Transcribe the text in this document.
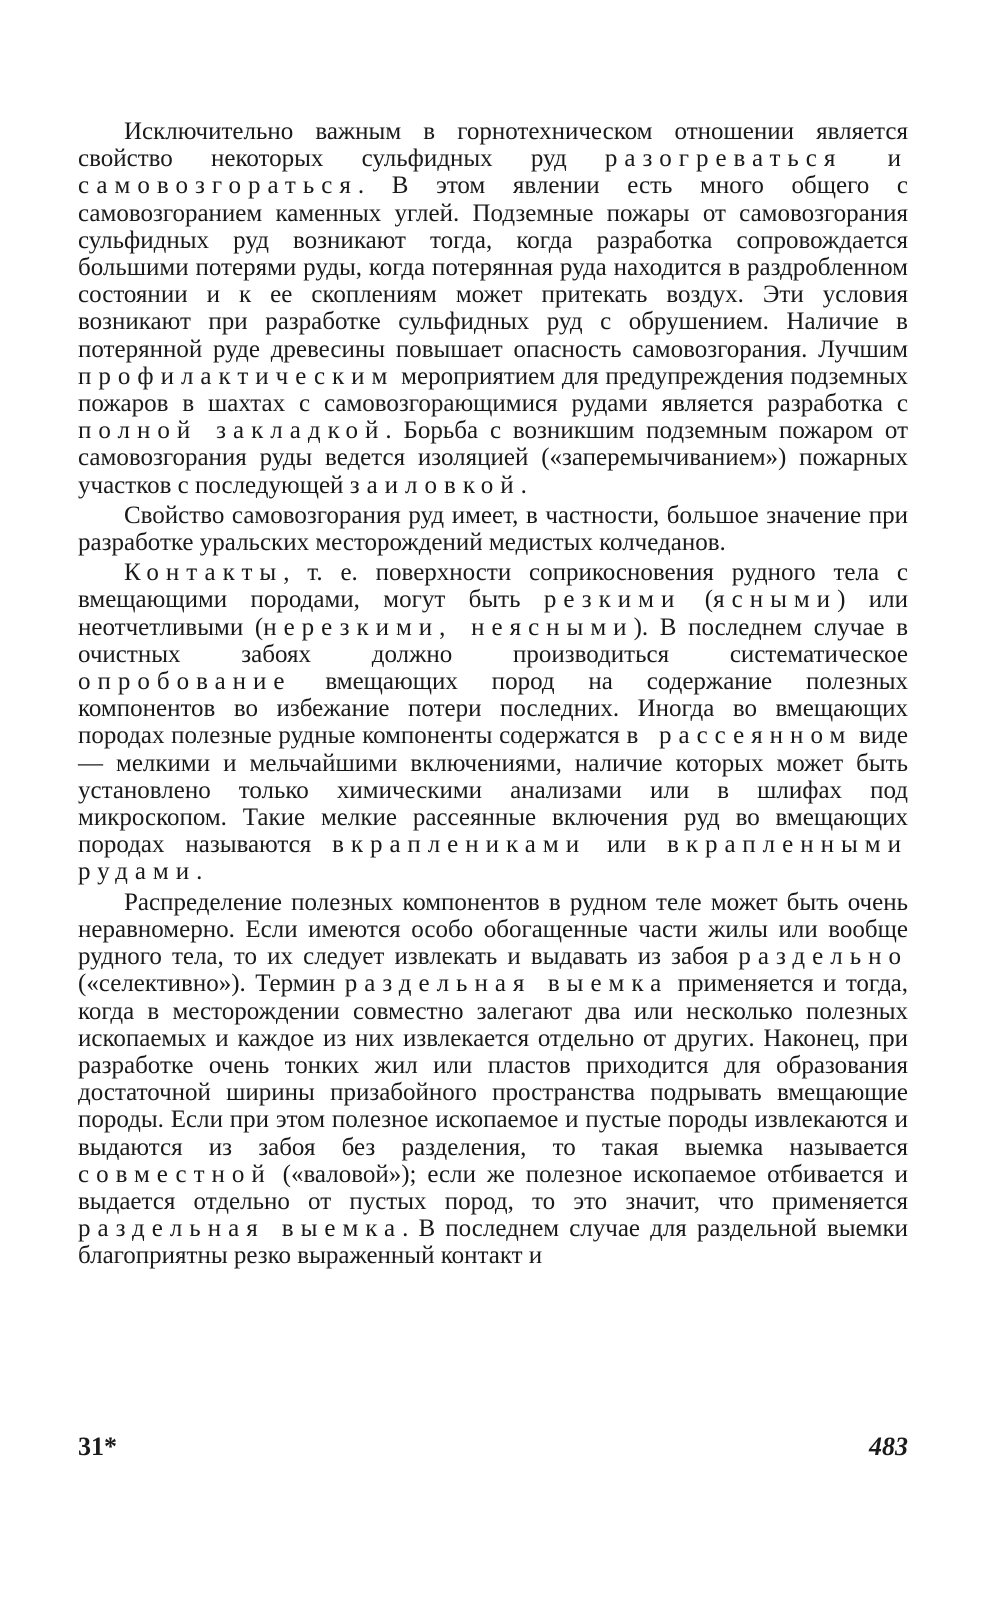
Исключительно важным в горнотехническом отношении является свойство некоторых сульфидных руд разогреваться и самовозгораться. В этом явлении есть много общего с самовозгоранием каменных углей. Подземные пожары от самовозгорания сульфидных руд возникают тогда, когда разработка сопровождается большими потерями руды, когда потерянная руда находится в раздробленном состоянии и к ее скоплениям может притекать воздух. Эти условия возникают при разработке сульфидных руд с обрушением. Наличие в потерянной руде древесины повышает опасность самовозгорания. Лучшим профилактическим мероприятием для предупреждения подземных пожаров в шахтах с самовозгорающимися рудами является разработка с полной закладкой. Борьба с возникшим подземным пожаром от самовозгорания руды ведется изоляцией («заперемычиванием») пожарных участков с последующей заиловкой.

Свойство самовозгорания руд имеет, в частности, большое значение при разработке уральских месторождений медистых колчеданов.

Контакты, т. е. поверхности соприкосновения рудного тела с вмещающими породами, могут быть резкими (ясными) или неотчетливыми (нерезкими, неясными). В последнем случае в очистных забоях должно производиться систематическое опробование вмещающих пород на содержание полезных компонентов во избежание потери последних. Иногда во вмещающих породах полезные рудные компоненты содержатся в рассеянном виде — мелкими и мельчайшими включениями, наличие которых может быть установлено только химическими анализами или в шлифах под микроскопом. Такие мелкие рассеянные включения руд во вмещающих породах называются вкраплениками или вкрапленными рудами.

Распределение полезных компонентов в рудном теле может быть очень неравномерно. Если имеются особо обогащенные части жилы или вообще рудного тела, то их следует извлекать и выдавать из забоя раздельно («селективно»). Термин раздельная выемка применяется и тогда, когда в месторождении совместно залегают два или несколько полезных ископаемых и каждое из них извлекается отдельно от других. Наконец, при разработке очень тонких жил или пластов приходится для образования достаточной ширины призабойного пространства подрывать вмещающие породы. Если при этом полезное ископаемое и пустые породы извлекаются и выдаются из забоя без разделения, то такая выемка называется совместной («валовой»); если же полезное ископаемое отбивается и выдается отдельно от пустых пород, то это значит, что применяется раздельная выемка. В последнем случае для раздельной выемки благоприятны резко выраженный контакт и

31*	483
